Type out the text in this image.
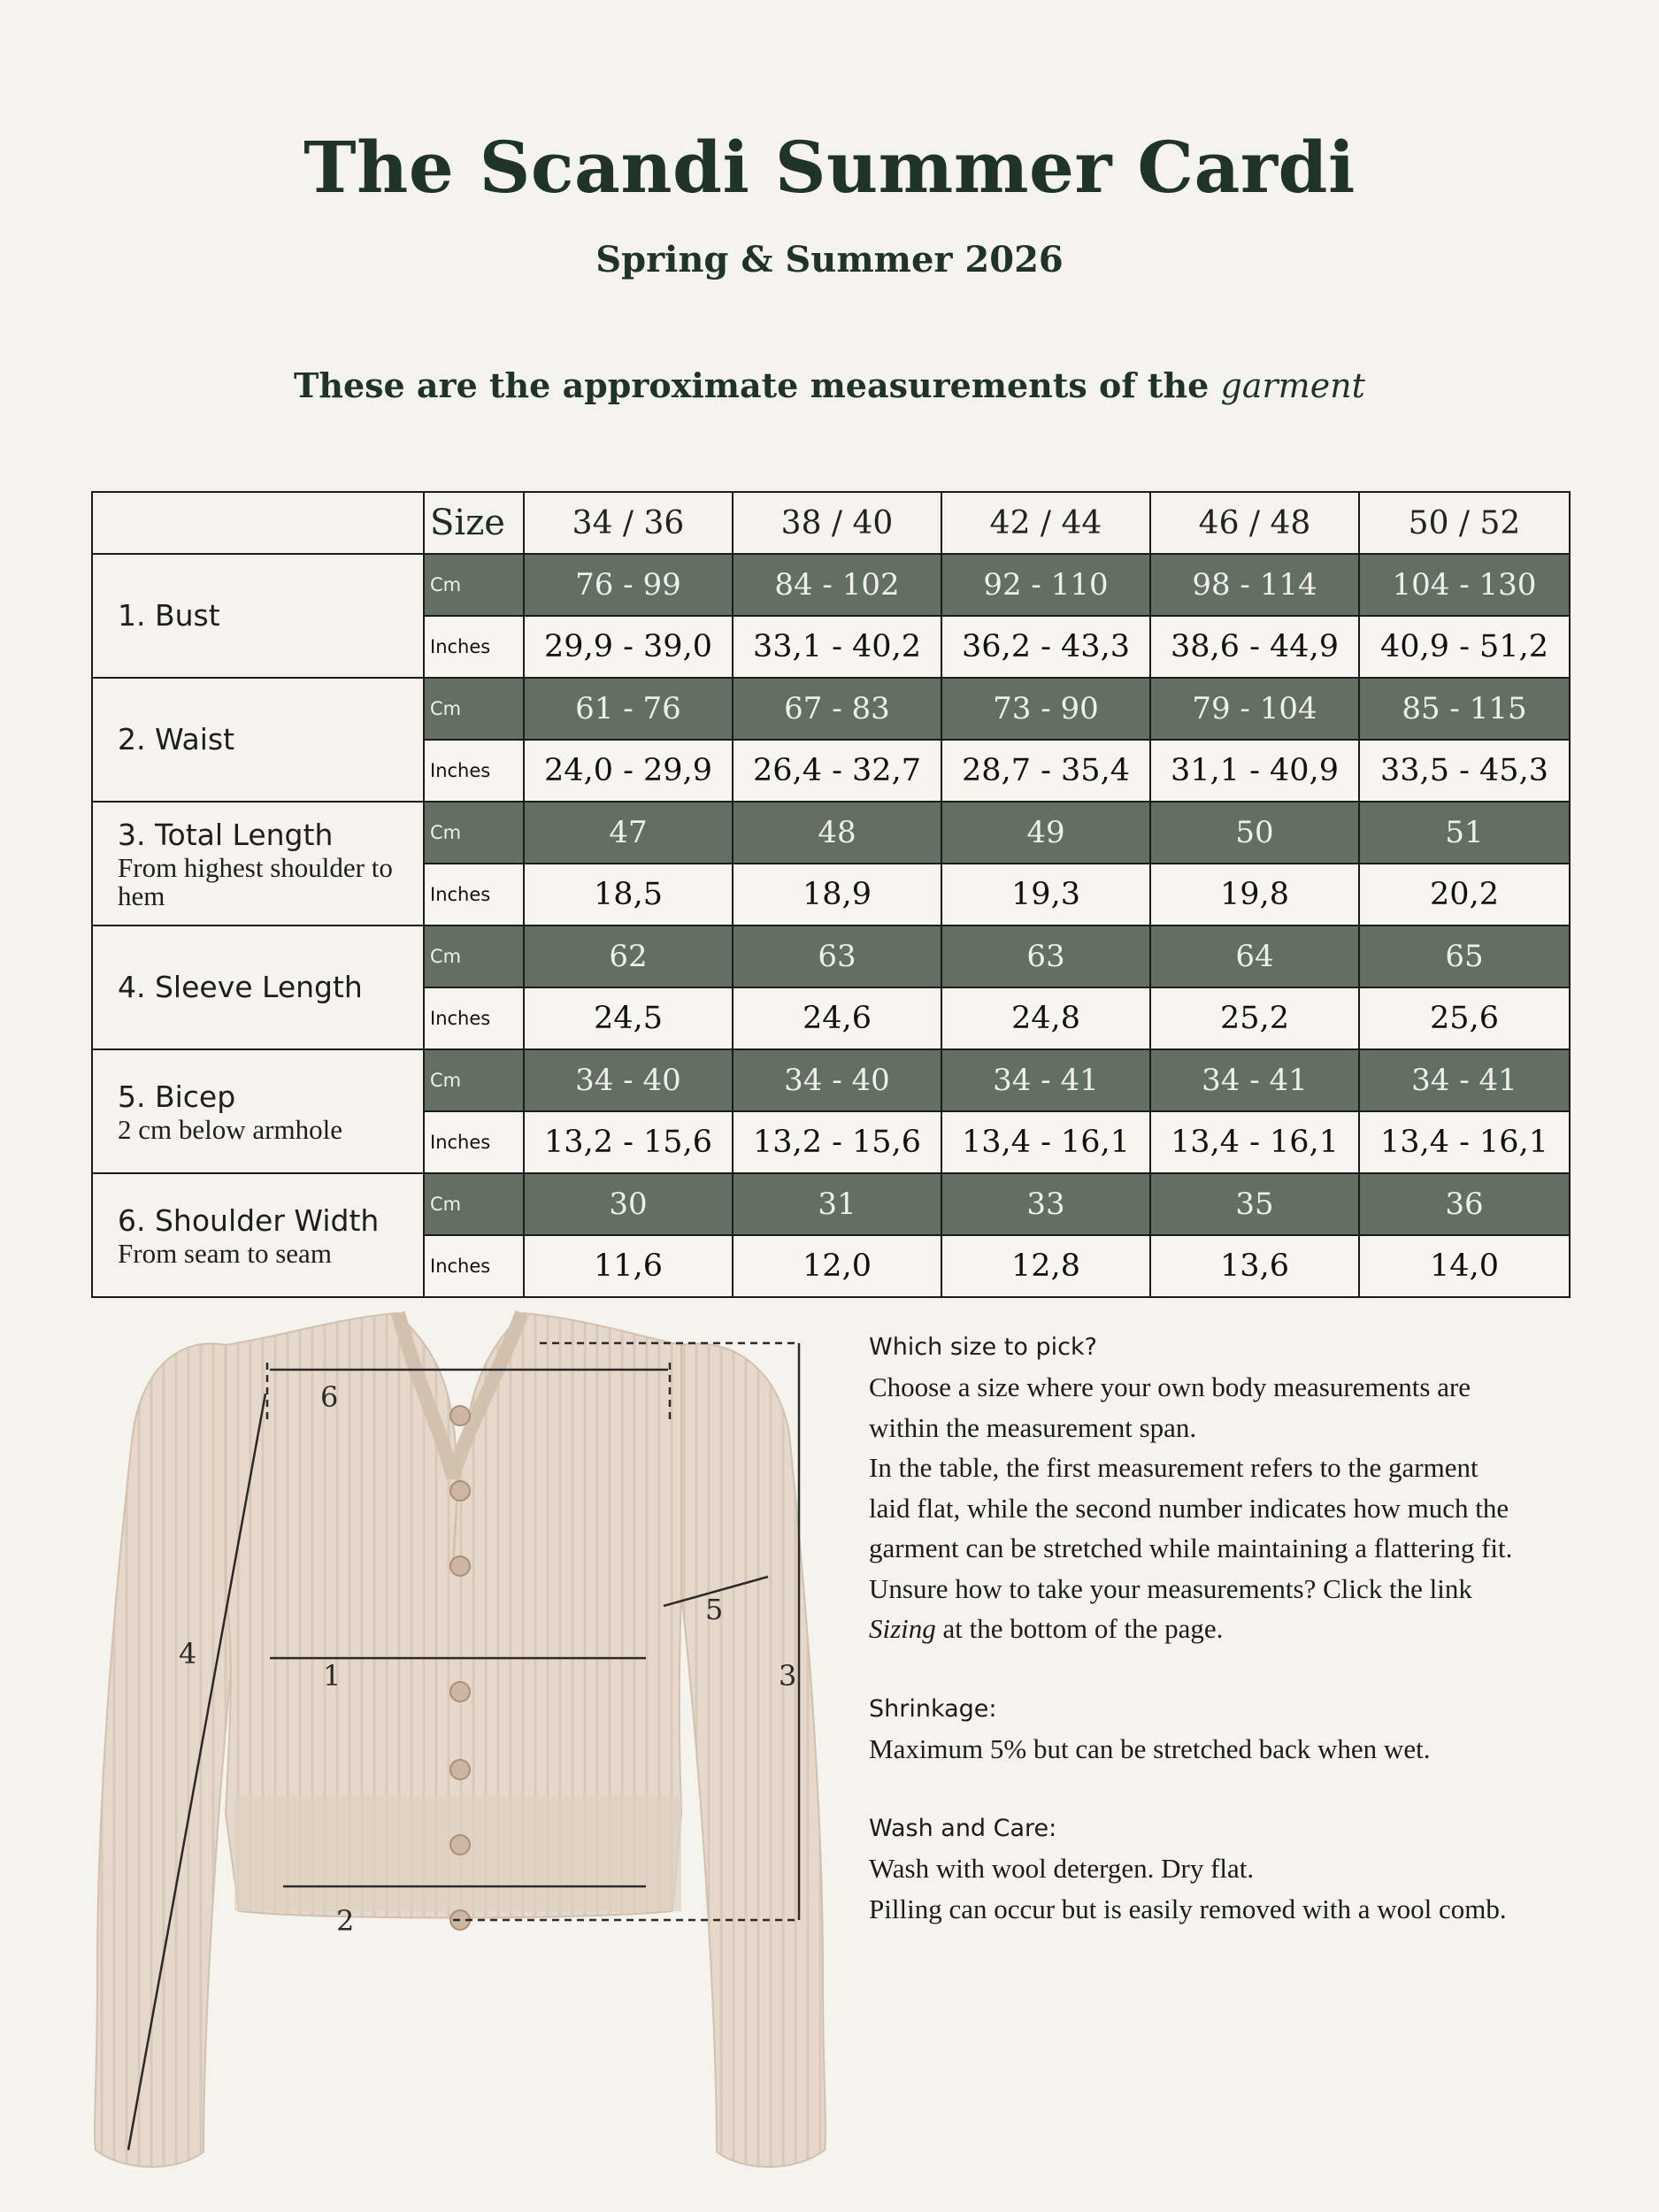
The Scandi Summer Cardi
Spring & Summer 2026
These are the approximate measurements of the garment
	Size	34 / 36	38 / 40	42 / 44	46 / 48	50 / 52

1. Bust	Cm	76 - 99	84 - 102	92 - 110	98 - 114	104 - 130
	Inches	29,9 - 39,0	33,1 - 40,2	36,2 - 43,3	38,6 - 44,9	40,9 - 51,2

2. Waist	Cm	61 - 76	67 - 83	73 - 90	79 - 104	85 - 115
	Inches	24,0 - 29,9	26,4 - 32,7	28,7 - 35,4	31,1 - 40,9	33,5 - 45,3

3. Total Length
From highest shoulder to hem	Cm	47	48	49	50	51
	Inches	18,5	18,9	19,3	19,8	20,2

4. Sleeve Length	Cm	62	63	63	64	65
	Inches	24,5	24,6	24,8	25,2	25,6

5. Bicep
2 cm below armhole	Cm	34 - 40	34 - 40	34 - 41	34 - 41	34 - 41
	Inches	13,2 - 15,6	13,2 - 15,6	13,4 - 16,1	13,4 - 16,1	13,4 - 16,1

6. Shoulder Width
From seam to seam	Cm	30	31	33	35	36
	Inches	11,6	12,0	12,8	13,6	14,0
6
1
2
3
4
5
Which size to pick?
Choose a size where your own body measurements are
within the measurement span.
In the table, the first measurement refers to the garment
laid flat, while the second number indicates how much the
garment can be stretched while maintaining a flattering fit.
Unsure how to take your measurements? Click the link
Sizing at the bottom of the page.
Shrinkage:
Maximum 5% but can be stretched back when wet.
Wash and Care:
Wash with wool detergen. Dry flat.
Pilling can occur but is easily removed with a wool comb.
